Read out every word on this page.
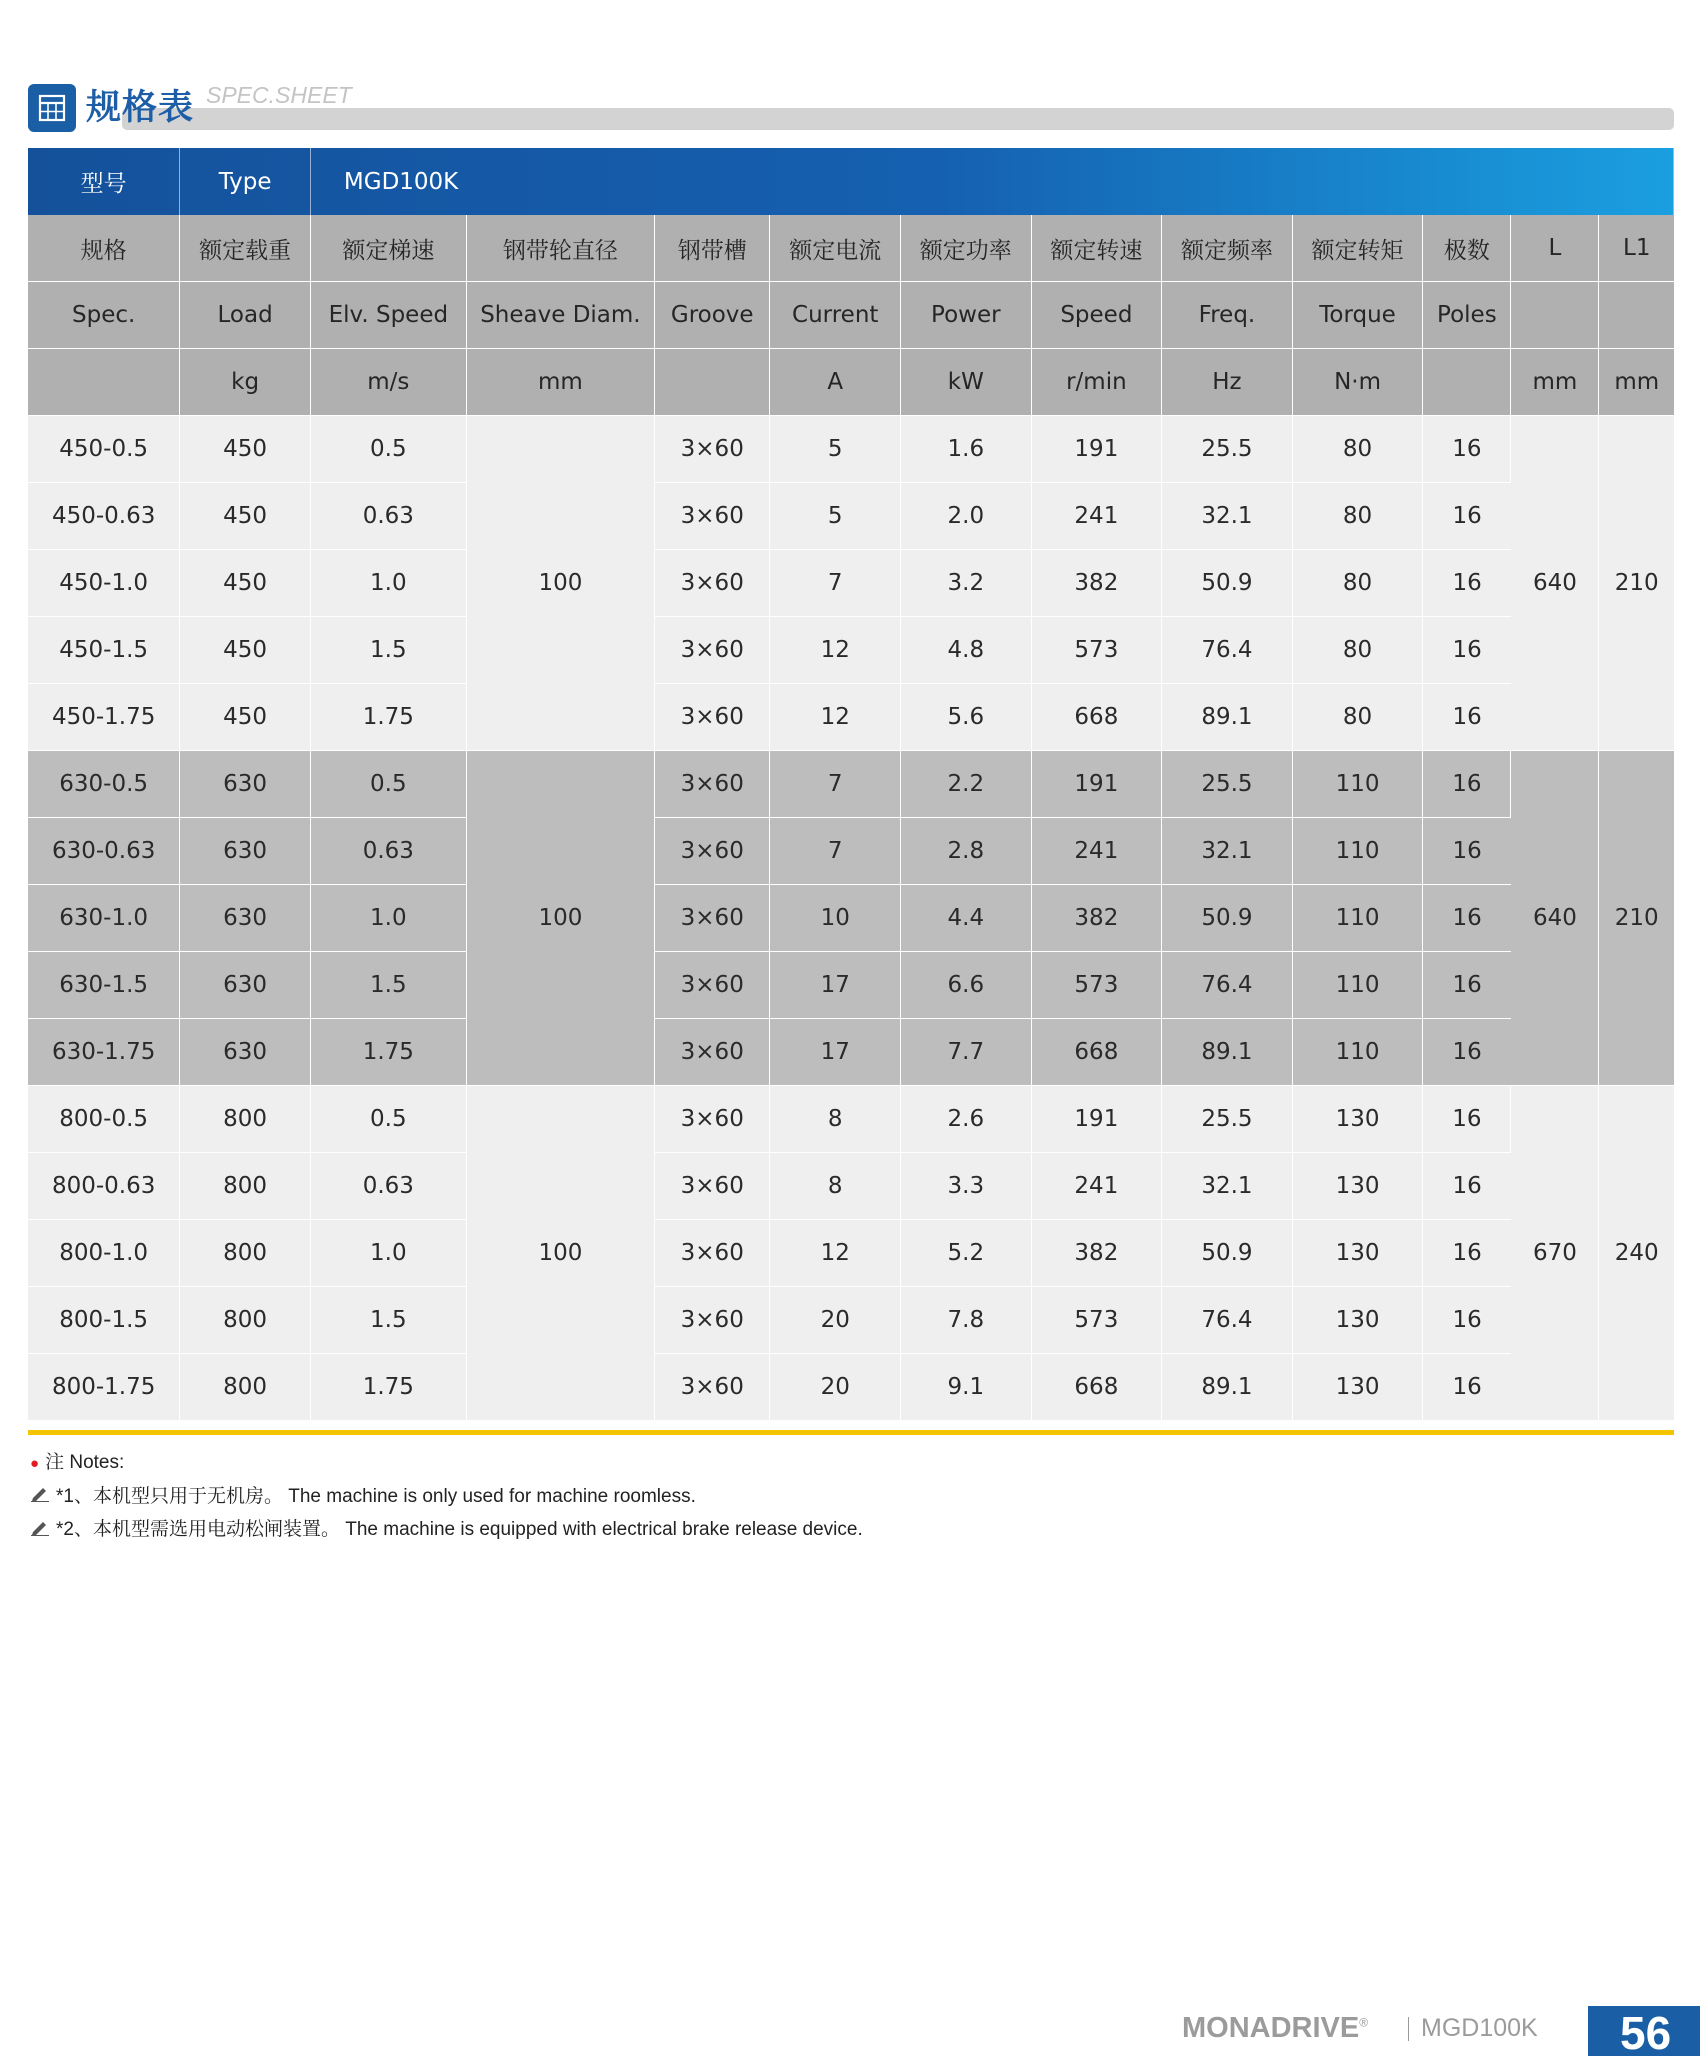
规格表 SPEC.SHEET
型号	Type	MGD100K										
规格	额定载重	额定梯速	钢带轮直径	钢带槽	额定电流	额定功率	额定转速	额定频率	额定转矩	极数	L	L1
Spec.	Load	Elv. Speed	Sheave Diam.	Groove	Current	Power	Speed	Freq.	Torque	Poles		
	kg	m/s	mm		A	kW	r/min	Hz	N·m		mm	mm
450-0.5	450	0.5	100	3×60	5	1.6	191	25.5	80	16	640	210
450-0.63	450	0.63		3×60	5	2.0	241	32.1	80	16		
450-1.0	450	1.0		3×60	7	3.2	382	50.9	80	16		
450-1.5	450	1.5		3×60	12	4.8	573	76.4	80	16		
450-1.75	450	1.75		3×60	12	5.6	668	89.1	80	16		
630-0.5	630	0.5	100	3×60	7	2.2	191	25.5	110	16	640	210
630-0.63	630	0.63		3×60	7	2.8	241	32.1	110	16		
630-1.0	630	1.0		3×60	10	4.4	382	50.9	110	16		
630-1.5	630	1.5		3×60	17	6.6	573	76.4	110	16		
630-1.75	630	1.75		3×60	17	7.7	668	89.1	110	16		
800-0.5	800	0.5	100	3×60	8	2.6	191	25.5	130	16	670	240
800-0.63	800	0.63		3×60	8	3.3	241	32.1	130	16		
800-1.0	800	1.0		3×60	12	5.2	382	50.9	130	16		
800-1.5	800	1.5		3×60	20	7.8	573	76.4	130	16		
800-1.75	800	1.75		3×60	20	9.1	668	89.1	130	16		
● 注 Notes:
*1、本机型只用于无机房。 The machine is only used for machine roomless.
*2、本机型需选用电动松闸装置。 The machine is equipped with electrical brake release device.
MONADRIVE® MGD100K 56
